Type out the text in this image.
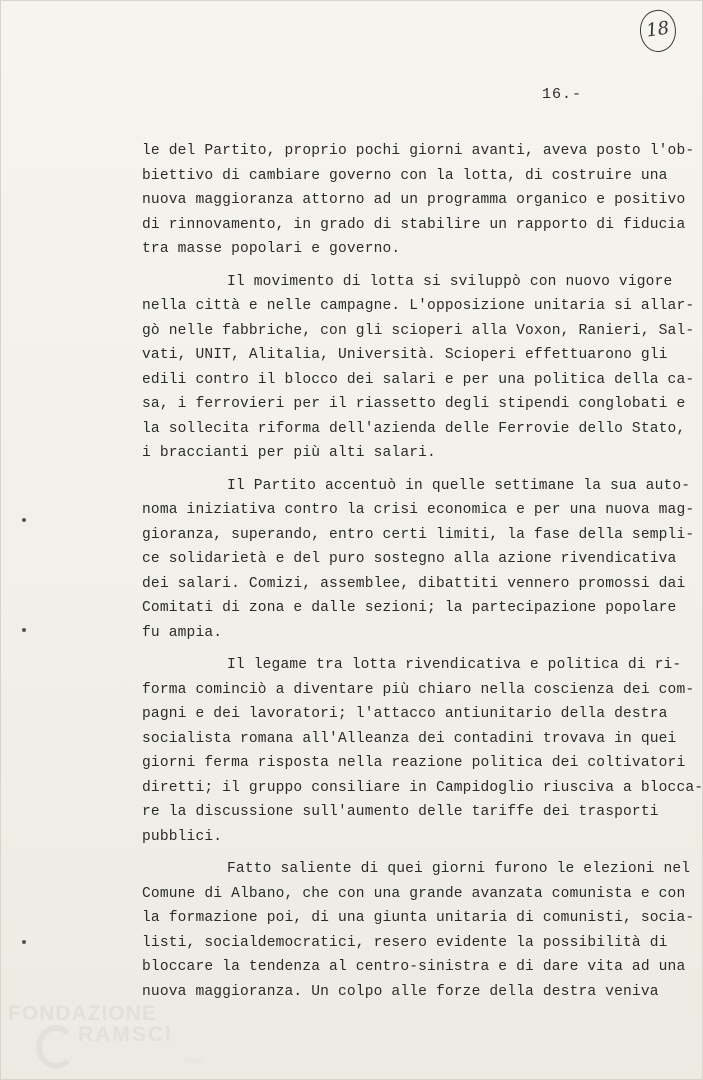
18
16.-
le del Partito, proprio pochi giorni avanti, aveva posto l'ob-
biettivo di cambiare governo con la lotta, di costruire una
nuova maggioranza attorno ad un programma organico e positivo
di rinnovamento, in grado di stabilire un rapporto di fiducia
tra masse popolari e governo.
Il movimento di lotta si sviluppò con nuovo vigore
nella città e nelle campagne. L'opposizione unitaria si allar-
gò nelle fabbriche, con gli scioperi alla Voxon, Ranieri, Sal-
vati, UNIT, Alitalia, Università. Scioperi effettuarono gli
edili contro il blocco dei salari e per una politica della ca-
sa, i ferrovieri per il riassetto degli stipendi conglobati e
la sollecita riforma dell'azienda delle Ferrovie dello Stato,
i braccianti per più alti salari.
Il Partito accentuò in quelle settimane la sua auto-
noma iniziativa contro la crisi economica e per una nuova mag-
gioranza, superando, entro certi limiti, la fase della sempli-
ce solidarietà e del puro sostegno alla azione rivendicativa
dei salari. Comizi, assemblee, dibattiti vennero promossi dai
Comitati di zona e dalle sezioni; la partecipazione popolare
fu ampia.
Il legame tra lotta rivendicativa e politica di ri-
forma cominciò a diventare più chiaro nella coscienza dei com-
pagni e dei lavoratori; l'attacco antiunitario della destra
socialista romana all'Alleanza dei contadini trovava in quei
giorni ferma risposta nella reazione politica dei coltivatori
diretti; il gruppo consiliare in Campidoglio riusciva a blocca-
re la discussione sull'aumento delle tariffe dei trasporti
pubblici.
Fatto saliente di quei giorni furono le elezioni nel
Comune di Albano, che con una grande avanzata comunista e con
la formazione poi, di una giunta unitaria di comunisti, socia-
listi, socialdemocratici, resero evidente la possibilità di
bloccare la tendenza al centro-sinistra e di dare vita ad una
nuova maggioranza. Un colpo alle forze della destra veniva
FONDAZIONE
RAMSCI
onlus
